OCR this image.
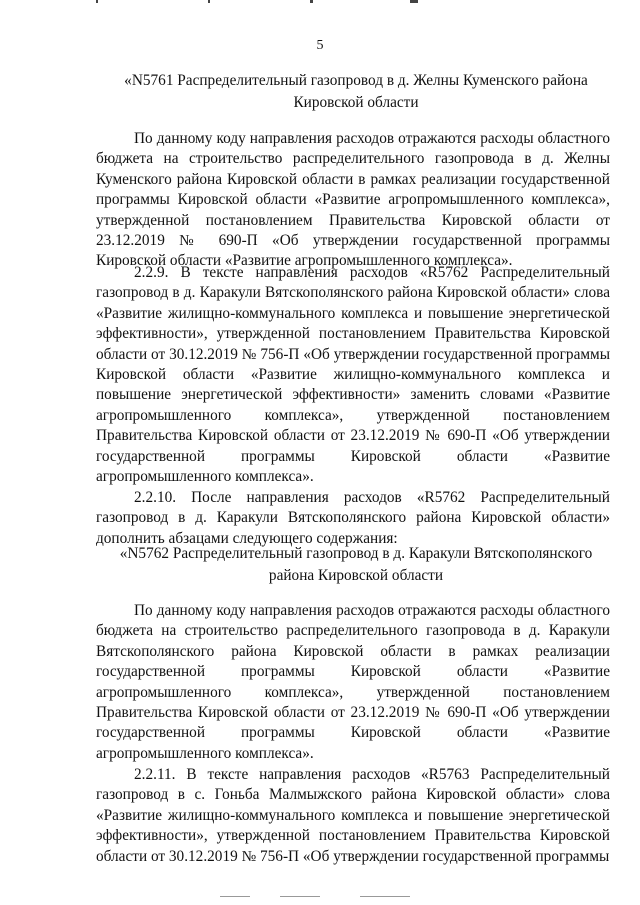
5
«N5761 Распределительный газопровод в д. Желны Куменского района Кировской области

По данному коду направления расходов отражаются расходы областного бюджета на строительство распределительного газопровода в д. Желны Куменского района Кировской области в рамках реализации государственной программы Кировской области «Развитие агропромышленного комплекса», утвержденной постановлением Правительства Кировской области от 23.12.2019 № 690-П «Об утверждении государственной программы Кировской области «Развитие агропромышленного комплекса».

2.2.9. В тексте направления расходов «R5762 Распределительный газопровод в д. Каракули Вятскополянского района Кировской области» слова «Развитие жилищно-коммунального комплекса и повышение энергетической эффективности», утвержденной постановлением Правительства Кировской области от 30.12.2019 № 756-П «Об утверждении государственной программы Кировской области «Развитие жилищно-коммунального комплекса и повышение энергетической эффективности» заменить словами «Развитие агропромышленного комплекса», утвержденной постановлением Правительства Кировской области от 23.12.2019 № 690-П «Об утверждении государственной программы Кировской области «Развитие агропромышленного комплекса».

2.2.10. После направления расходов «R5762 Распределительный газопровод в д. Каракули Вятскополянского района Кировской области» дополнить абзацами следующего содержания:

«N5762 Распределительный газопровод в д. Каракули Вятскополянского района Кировской области

По данному коду направления расходов отражаются расходы областного бюджета на строительство распределительного газопровода в д. Каракули Вятскополянского района Кировской области в рамках реализации государственной программы Кировской области «Развитие агропромышленного комплекса», утвержденной постановлением Правительства Кировской области от 23.12.2019 № 690-П «Об утверждении государственной программы Кировской области «Развитие агропромышленного комплекса».

2.2.11. В тексте направления расходов «R5763 Распределительный газопровод в с. Гоньба Малмыжского района Кировской области» слова «Развитие жилищно-коммунального комплекса и повышение энергетической эффективности», утвержденной постановлением Правительства Кировской области от 30.12.2019 № 756-П «Об утверждении государственной программы
